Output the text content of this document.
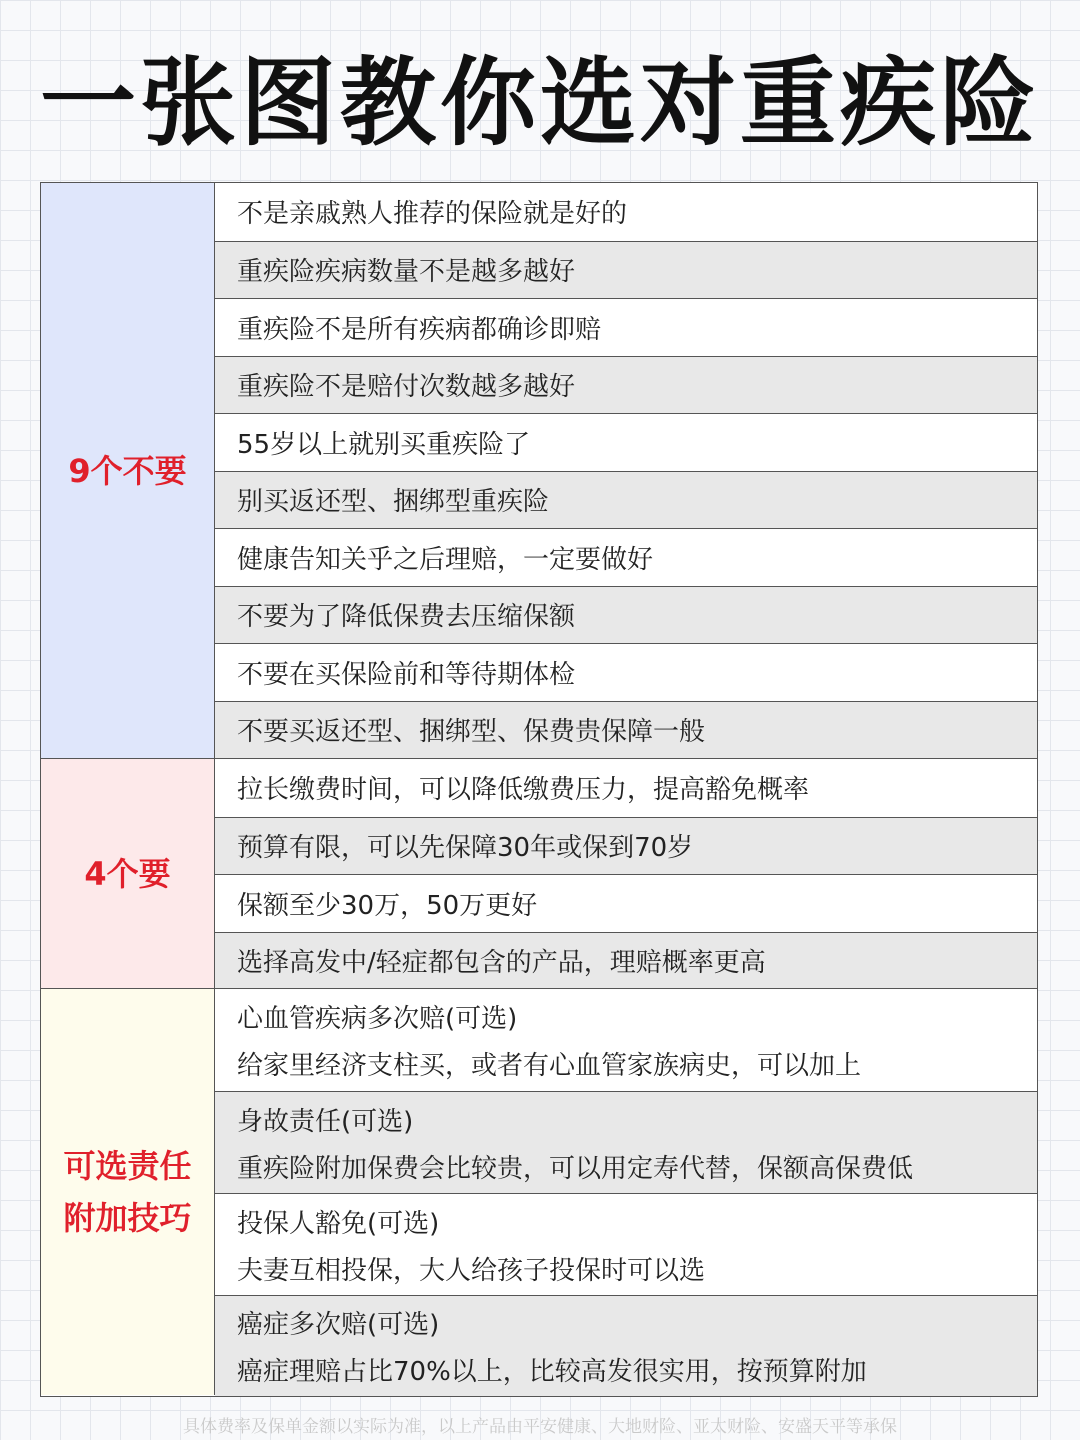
一张图教你选对重疾险
9个不要
不是亲戚熟人推荐的保险就是好的
重疾险疾病数量不是越多越好
重疾险不是所有疾病都确诊即赔
重疾险不是赔付次数越多越好
55岁以上就别买重疾险了
别买返还型、捆绑型重疾险
健康告知关乎之后理赔，一定要做好
不要为了降低保费去压缩保额
不要在买保险前和等待期体检
不要买返还型、捆绑型、保费贵保障一般
4个要
拉长缴费时间，可以降低缴费压力，提高豁免概率
预算有限，可以先保障30年或保到70岁
保额至少30万，50万更好
选择高发中/轻症都包含的产品，理赔概率更高
可选责任
附加技巧
心血管疾病多次赔(可选)
给家里经济支柱买，或者有心血管家族病史，可以加上
身故责任(可选)
重疾险附加保费会比较贵，可以用定寿代替，保额高保费低
投保人豁免(可选)
夫妻互相投保，大人给孩子投保时可以选
癌症多次赔(可选)
癌症理赔占比70%以上，比较高发很实用，按预算附加
具体费率及保单金额以实际为准，以上产品由平安健康、大地财险、亚太财险、安盛天平等承保
